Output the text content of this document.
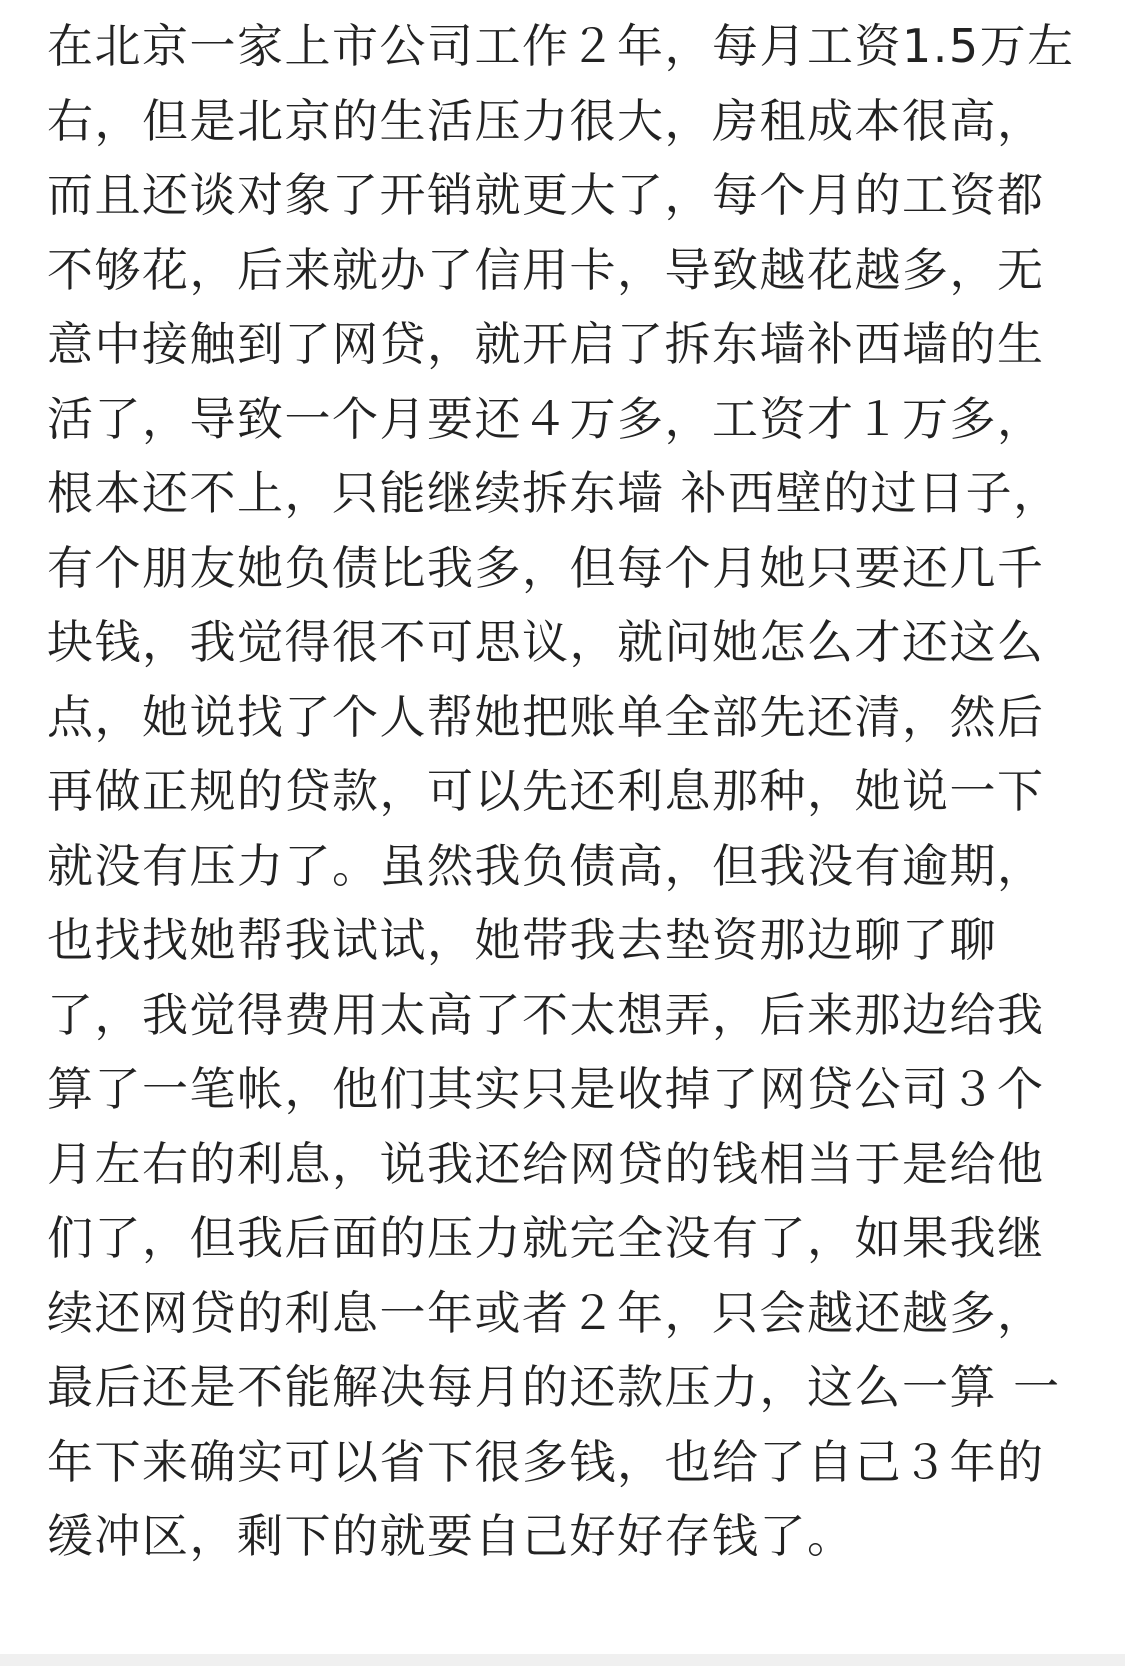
在北京一家上市公司工作２年，每月工资1.5万左右，但是北京的生活压力很大，房租成本很高，而且还谈对象了开销就更大了，每个月的工资都不够花，后来就办了信用卡，导致越花越多，无意中接触到了网贷，就开启了拆东墙补西墙的生活了，导致一个月要还４万多，工资才１万多，根本还不上，只能继续拆东墙 补西壁的过日子，有个朋友她负债比我多，但每个月她只要还几千块钱，我觉得很不可思议，就问她怎么才还这么点，她说找了个人帮她把账单全部先还清，然后再做正规的贷款，可以先还利息那种，她说一下就没有压力了。虽然我负债高，但我没有逾期，也找找她帮我试试，她带我去垫资那边聊了聊了，我觉得费用太高了不太想弄，后来那边给我算了一笔帐，他们其实只是收掉了网贷公司３个月左右的利息，说我还给网贷的钱相当于是给他们了，但我后面的压力就完全没有了，如果我继续还网贷的利息一年或者２年，只会越还越多，最后还是不能解决每月的还款压力，这么一算 一年下来确实可以省下很多钱，也给了自己３年的缓冲区，剩下的就要自己好好存钱了。
